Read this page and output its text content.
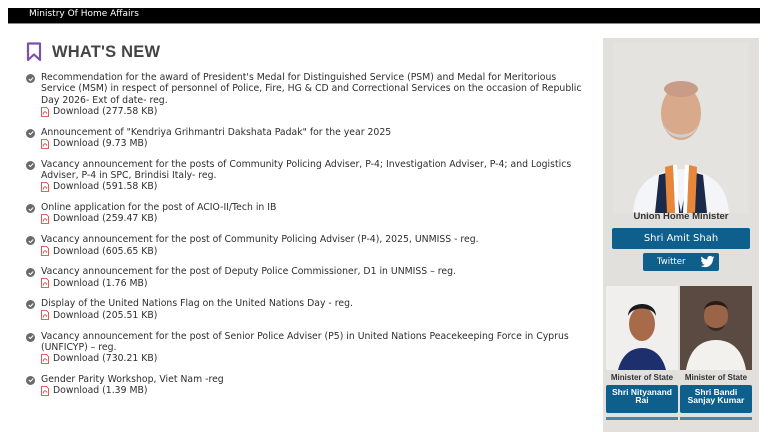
Ministry Of Home Affairs
WHAT'S NEW
Recommendation for the award of President's Medal for Distinguished Service (PSM) and Medal for Meritorious Service (MSM) in respect of personnel of Police, Fire, HG & CD and Correctional Services on the occasion of Republic Day 2026- Ext of date- reg.
Download (277.58 KB)
Announcement of "Kendriya Grihmantri Dakshata Padak" for the year 2025
Download (9.73 MB)
Vacancy announcement for the posts of Community Policing Adviser, P-4; Investigation Adviser, P-4; and Logistics Adviser, P-4 in SPC, Brindisi Italy- reg.
Download (591.58 KB)
Online application for the post of ACIO-II/Tech in IB
Download (259.47 KB)
Vacancy announcement for the post of Community Policing Adviser (P-4), 2025, UNMISS - reg.
Download (605.65 KB)
Vacancy announcement for the post of Deputy Police Commissioner, D1 in UNMISS – reg.
Download (1.76 MB)
Display of the United Nations Flag on the United Nations Day - reg.
Download (205.51 KB)
Vacancy announcement for the post of Senior Police Adviser (P5) in United Nations Peacekeeping Force in Cyprus (UNFICYP) – reg.
Download (730.21 KB)
Gender Parity Workshop, Viet Nam -reg
Download (1.39 MB)
Union Home Minister
Shri Amit Shah
Twitter
Minister of State
Shri Nityanand Rai
Minister of State
Shri Bandi Sanjay Kumar
